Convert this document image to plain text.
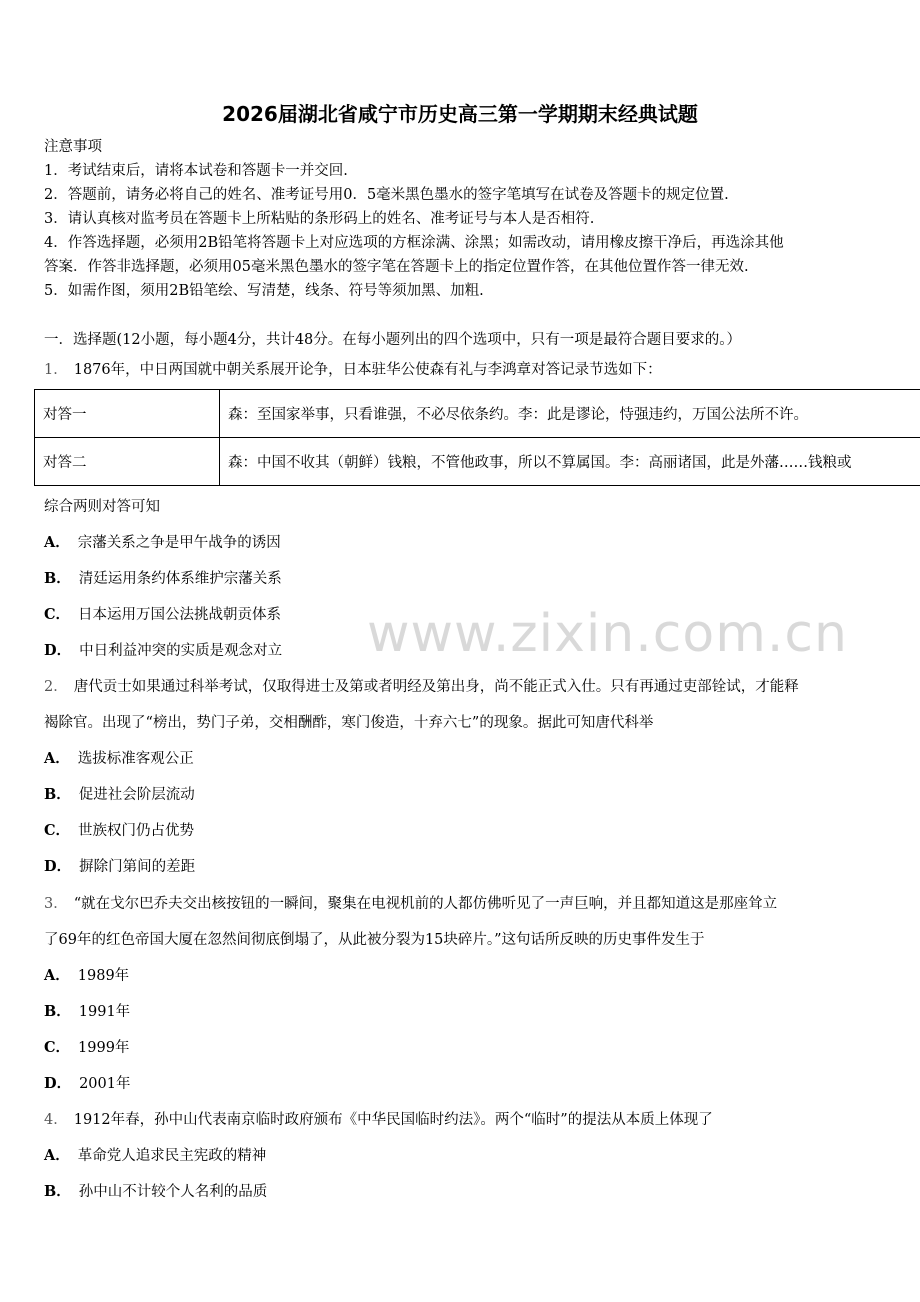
2026届湖北省咸宁市历史高三第一学期期末经典试题
注意事项
1．考试结束后，请将本试卷和答题卡一并交回.
2．答题前，请务必将自己的姓名、准考证号用0．5毫米黑色墨水的签字笔填写在试卷及答题卡的规定位置.
3．请认真核对监考员在答题卡上所粘贴的条形码上的姓名、准考证号与本人是否相符.
4．作答选择题，必须用2B铅笔将答题卡上对应选项的方框涂满、涂黑；如需改动，请用橡皮擦干净后，再选涂其他
答案．作答非选择题，必须用05毫米黑色墨水的签字笔在答题卡上的指定位置作答，在其他位置作答一律无效.
5．如需作图，须用2B铅笔绘、写清楚，线条、符号等须加黑、加粗.
一．选择题(12小题，每小题4分，共计48分。在每小题列出的四个选项中，只有一项是最符合题目要求的。）
1． 1876年，中日两国就中朝关系展开论争，日本驻华公使森有礼与李鸿章对答记录节选如下：
对答一	森：至国家举事，只看谁强，不必尽依条约。李：此是谬论，恃强违约，万国公法所不许。
对答二	森：中国不收其（朝鲜）钱粮，不管他政事，所以不算属国。李：高丽诸国，此是外藩……钱粮或
综合两则对答可知
A． 宗藩关系之争是甲午战争的诱因
B． 清廷运用条约体系维护宗藩关系
C． 日本运用万国公法挑战朝贡体系
D． 中日利益冲突的实质是观念对立
2． 唐代贡士如果通过科举考试，仅取得进士及第或者明经及第出身，尚不能正式入仕。只有再通过吏部铨试，才能释
褐除官。出现了“榜出，势门子弟，交相酬酢，寒门俊造，十弃六七”的现象。据此可知唐代科举
A． 选拔标准客观公正
B． 促进社会阶层流动
C． 世族权门仍占优势
D． 摒除门第间的差距
3． “就在戈尔巴乔夫交出核按钮的一瞬间，聚集在电视机前的人都仿佛听见了一声巨响，并且都知道这是那座耸立
了69年的红色帝国大厦在忽然间彻底倒塌了，从此被分裂为15块碎片。”这句话所反映的历史事件发生于
A． 1989年
B． 1991年
C． 1999年
D． 2001年
4． 1912年春，孙中山代表南京临时政府颁布《中华民国临时约法》。两个“临时”的提法从本质上体现了
A． 革命党人追求民主宪政的精神
B． 孙中山不计较个人名利的品质
www.zixin.com.cn
